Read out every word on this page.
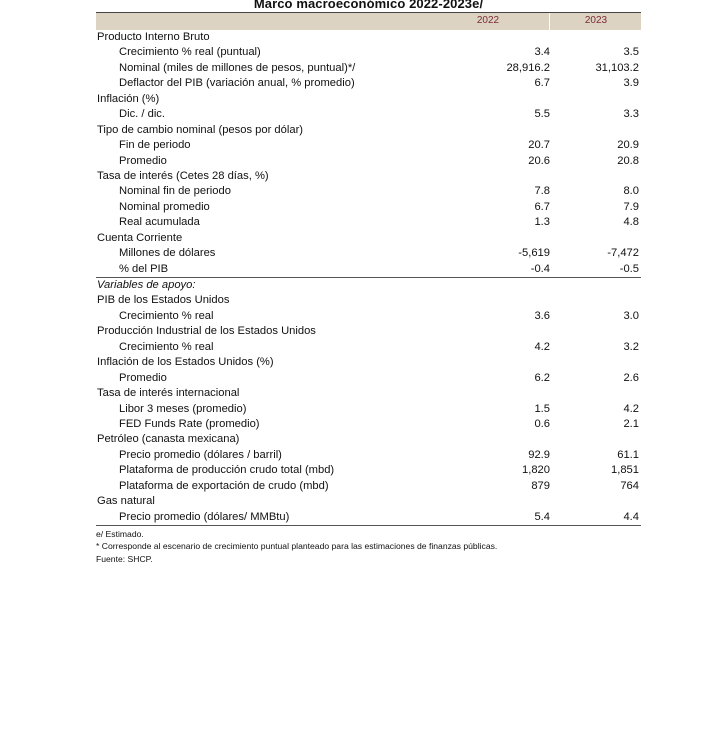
Marco macroeconómico 2022-2023e/
2022	2023
Producto Interno Bruto
Crecimiento % real (puntual)	3.4	3.5
Nominal (miles de millones de pesos, puntual)*/	28,916.2	31,103.2
Deflactor del PIB (variación anual, % promedio)	6.7	3.9
Inflación (%)
Dic. / dic.	5.5	3.3
Tipo de cambio nominal (pesos por dólar)
Fin de periodo	20.7	20.9
Promedio	20.6	20.8
Tasa de interés (Cetes 28 días, %)
Nominal fin de periodo	7.8	8.0
Nominal promedio	6.7	7.9
Real acumulada	1.3	4.8
Cuenta Corriente
Millones de dólares	-5,619	-7,472
% del PIB	-0.4	-0.5
Variables de apoyo:
PIB de los Estados Unidos
Crecimiento % real	3.6	3.0
Producción Industrial de los Estados Unidos
Crecimiento % real	4.2	3.2
Inflación de los Estados Unidos (%)
Promedio	6.2	2.6
Tasa de interés internacional
Libor 3 meses (promedio)	1.5	4.2
FED Funds Rate (promedio)	0.6	2.1
Petróleo (canasta mexicana)
Precio promedio (dólares / barril)	92.9	61.1
Plataforma de producción crudo total (mbd)	1,820	1,851
Plataforma de exportación de crudo (mbd)	879	764
Gas natural
Precio promedio (dólares/ MMBtu)	5.4	4.4
e/ Estimado.
* Corresponde al escenario de crecimiento puntual planteado para las estimaciones de finanzas públicas.
Fuente: SHCP.
